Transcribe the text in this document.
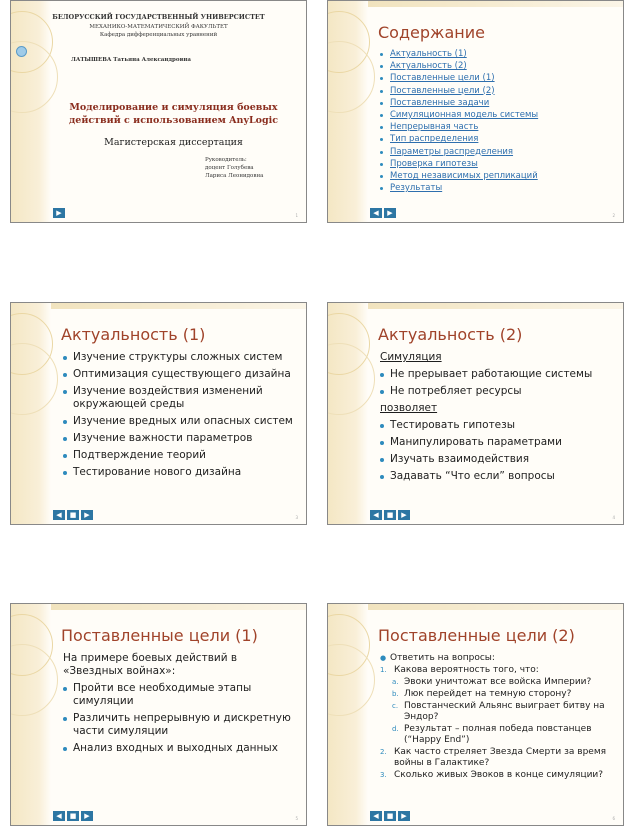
БЕЛОРУССКИЙ ГОСУДАРСТВЕННЫЙ УНИВЕРСИСТЕТ
МЕХАНИКО-МАТЕМАТИЧЕСКИЙ ФАКУЛЬТЕТ
Кафедра дифференциальных уравнений
ЛАТЫШЕВА Татьяна Александровна
Моделирование и симуляция боевых
действий с использованием AnyLogic
Магистерская диссертация
Руководитель:
доцент Голубева
Лариса Леонидовна
▶	1
Содержание
Актуальность (1)
Актуальность (2)
Поставленные цели (1)
Поставленные цели (2)
Поставленные задачи
Симуляционная модель системы
Непрерывная часть
Тип распределения
Параметры распределения
Проверка гипотезы
Метод независимых репликаций
Результаты
◀	▶	2
Актуальность (1)
Изучение структуры сложных систем
Оптимизация существующего дизайна
Изучение воздействия изменений окружающей среды
Изучение вредных или опасных систем
Изучение важности параметров
Подтверждение теорий
Тестирование нового дизайна
◀	■	▶	3
Актуальность (2)
Симуляция
Не прерывает работающие системы
Не потребляет ресурсы
позволяет
Тестировать гипотезы
Манипулировать параметрами
Изучать взаимодействия
Задавать “Что если” вопросы
◀	■	▶	4
Поставленные цели (1)
На примере боевых действий в «Звездных войнах»:
Пройти все необходимые этапы симуляции
Различить непрерывную и дискретную части симуляции
Анализ входных и выходных данных
◀	■	▶	5
Поставленные цели (2)
● Ответить на вопросы:
1. Какова вероятность того, что:
a. Эвоки уничтожат все войска Империи?
b. Люк перейдет на темную сторону?
c. Повстанческий Альянс выиграет битву на Эндор?
d. Результат – полная победа повстанцев (“Happy End”)
2. Как часто стреляет Звезда Смерти за время войны в Галактике?
3. Сколько живых Эвоков в конце симуляции?
◀	■	▶	6
